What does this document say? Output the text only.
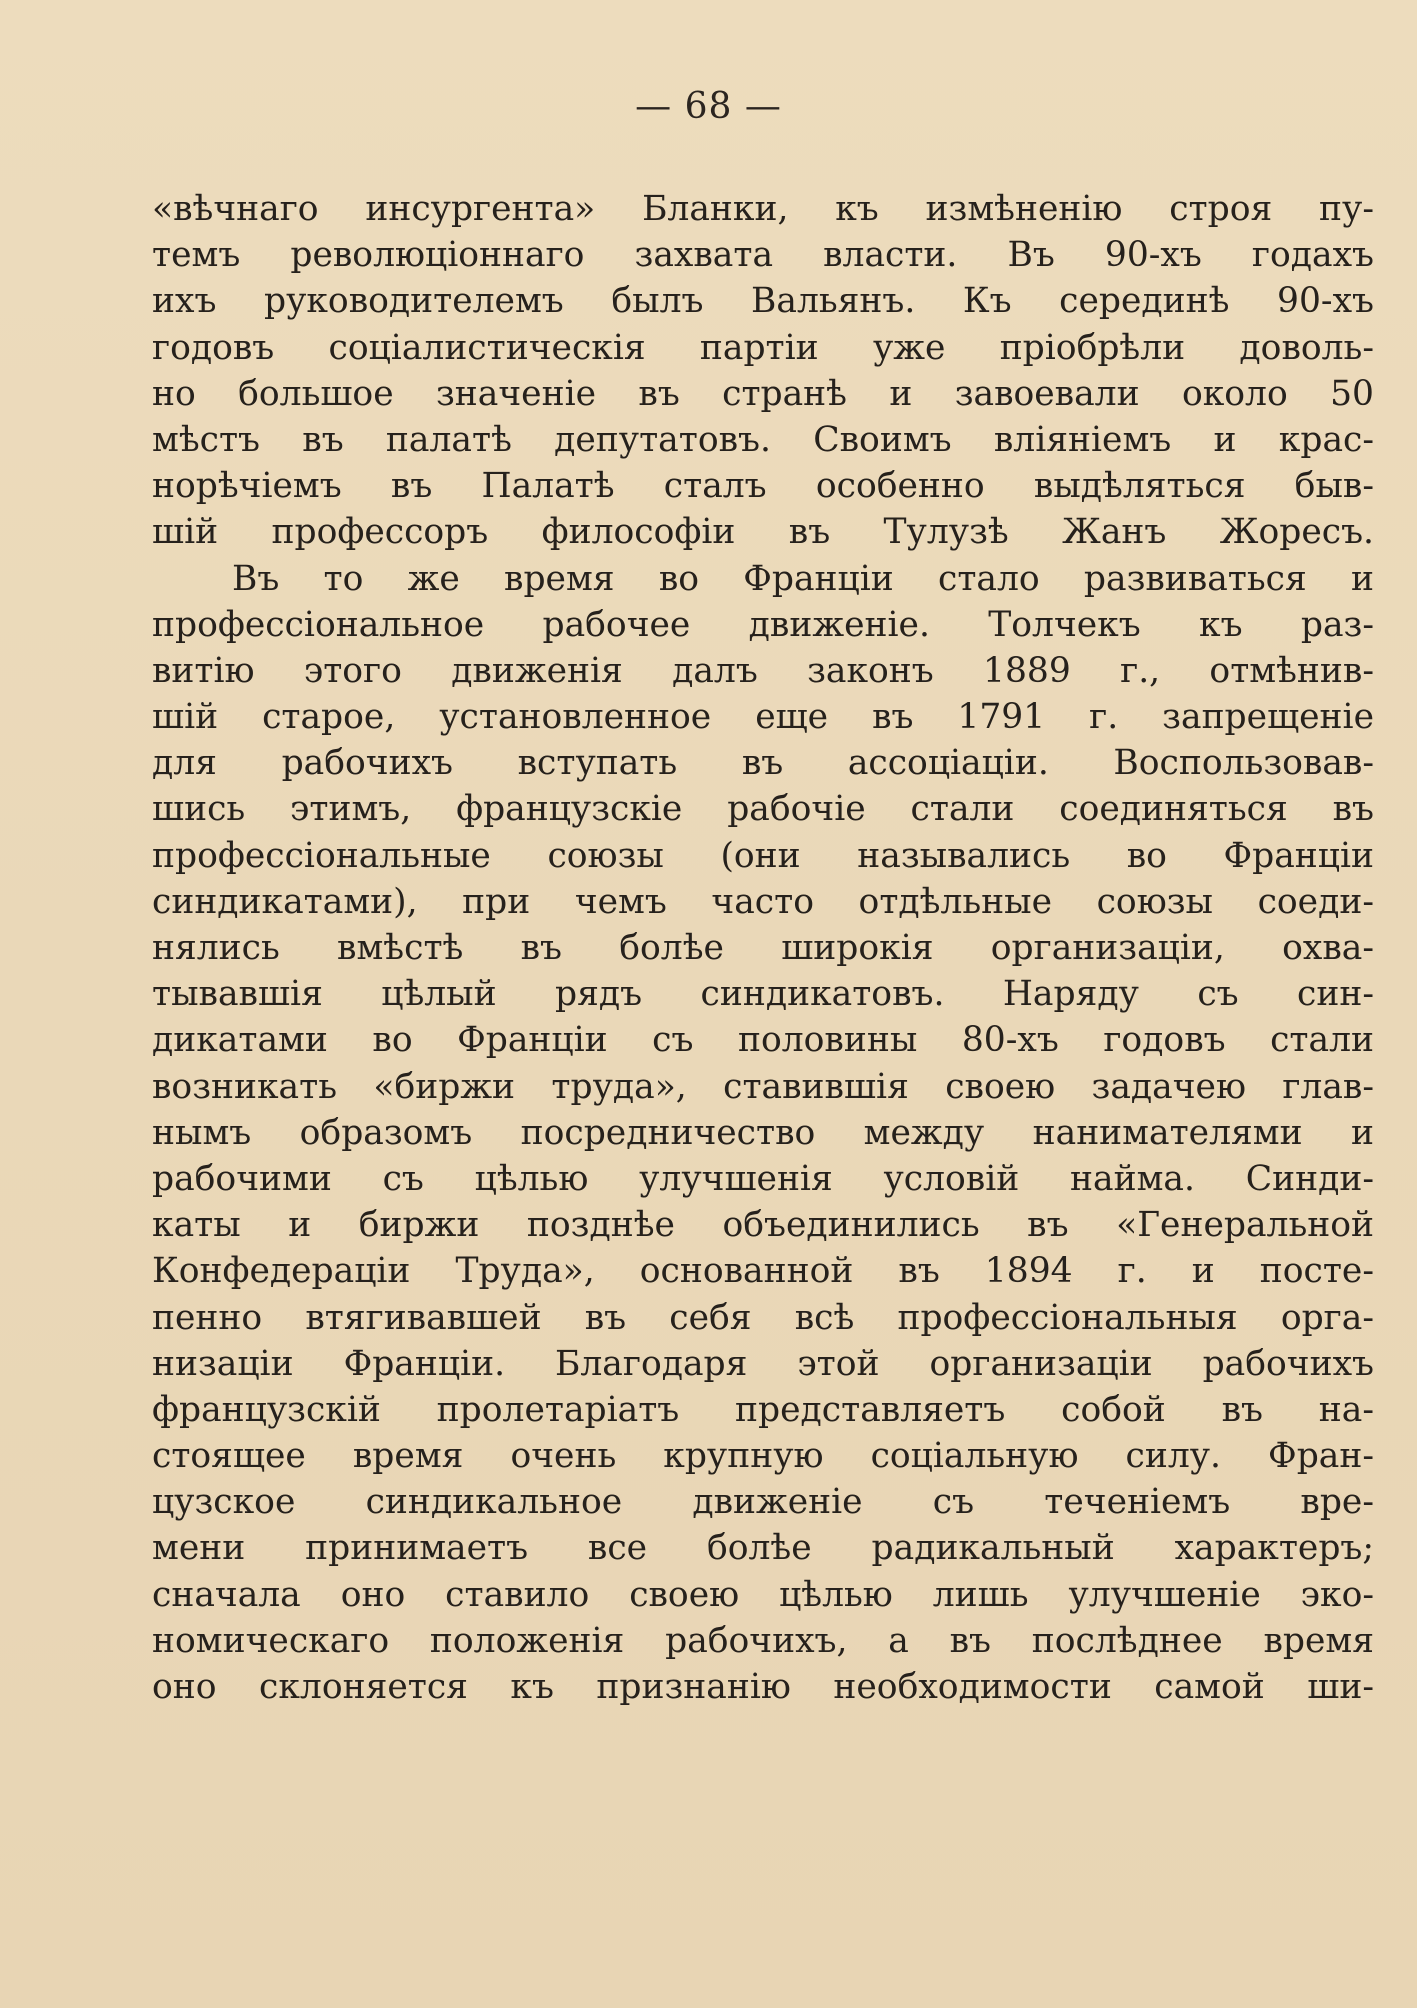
— 68 —
«вѣчнаго инсургента» Бланки, къ измѣненію строя пу-
темъ революціоннаго захвата власти. Въ 90-хъ годахъ
ихъ руководителемъ былъ Вальянъ. Къ серединѣ 90-хъ
годовъ соціалистическія партіи уже пріобрѣли доволь-
но большое значеніе въ странѣ и завоевали около 50
мѣстъ въ палатѣ депутатовъ. Своимъ вліяніемъ и крас-
норѣчіемъ въ Палатѣ сталъ особенно выдѣляться быв-
шій профессоръ философіи въ Тулузѣ Жанъ Жоресъ.
Въ то же время во Франціи стало развиваться и
профессіональное рабочее движеніе. Толчекъ къ раз-
витію этого движенія далъ законъ 1889 г., отмѣнив-
шій старое, установленное еще въ 1791 г. запрещеніе
для рабочихъ вступать въ ассоціаціи. Воспользовав-
шись этимъ, французскіе рабочіе стали соединяться въ
профессіональные союзы (они назывались во Франціи
синдикатами), при чемъ часто отдѣльные союзы соеди-
нялись вмѣстѣ въ болѣе широкія организаціи, охва-
тывавшія цѣлый рядъ синдикатовъ. Наряду съ син-
дикатами во Франціи съ половины 80-хъ годовъ стали
возникать «биржи труда», ставившія своею задачею глав-
нымъ образомъ посредничество между нанимателями и
рабочими съ цѣлью улучшенія условій найма. Синди-
каты и биржи позднѣе объединились въ «Генеральной
Конфедераціи Труда», основанной въ 1894 г. и посте-
пенно втягивавшей въ себя всѣ профессіональныя орга-
низаціи Франціи. Благодаря этой организаціи рабочихъ
французскій пролетаріатъ представляетъ собой въ на-
стоящее время очень крупную соціальную силу. Фран-
цузское синдикальное движеніе съ теченіемъ вре-
мени принимаетъ все болѣе радикальный характеръ;
сначала оно ставило своею цѣлью лишь улучшеніе эко-
номическаго положенія рабочихъ, а въ послѣднее время
оно склоняется къ признанію необходимости самой ши-
